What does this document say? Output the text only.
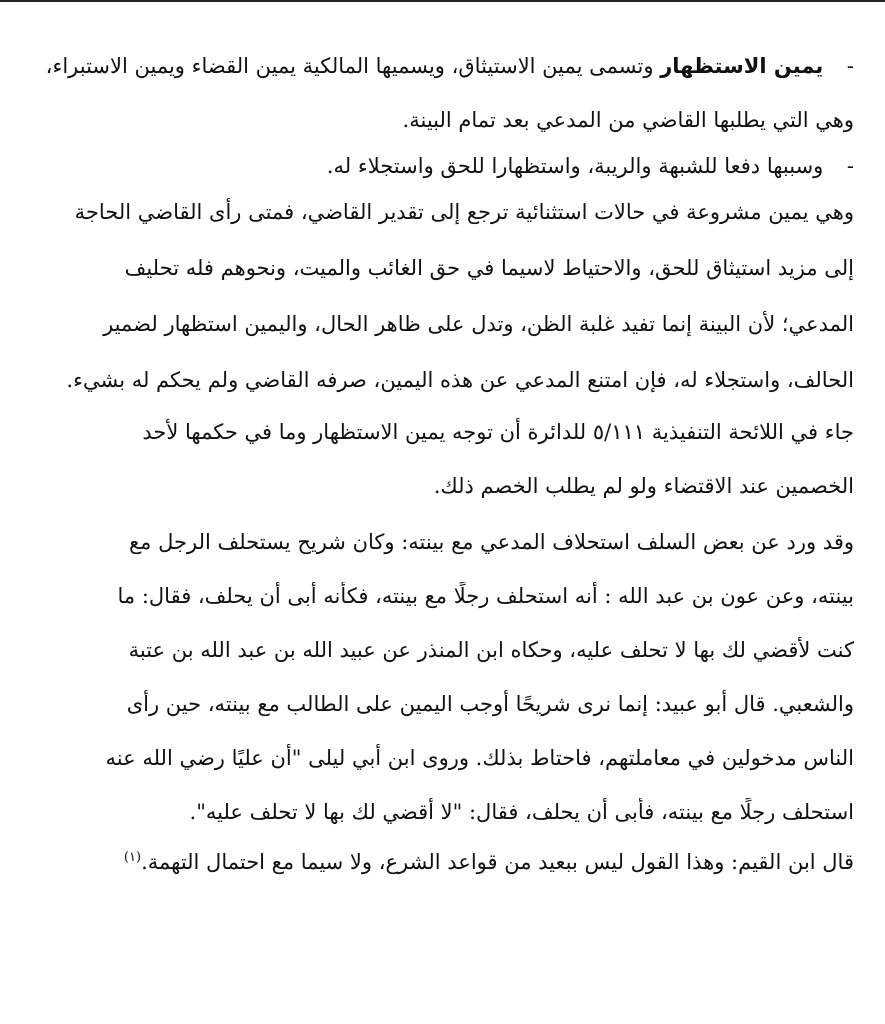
- يمين الاستظهار وتسمى يمين الاستيثاق، ويسميها المالكية يمين القضاء ويمين الاستبراء،
وهي التي يطلبها القاضي من المدعي بعد تمام البينة.
- وسببها دفعا للشبهة والريبة، واستظهارا للحق واستجلاء له.
وهي يمين مشروعة في حالات استثنائية ترجع إلى تقدير القاضي، فمتى رأى القاضي الحاجة
إلى مزيد استيثاق للحق، والاحتياط لاسيما في حق الغائب والميت، ونحوهم فله تحليف
المدعي؛ لأن البينة إنما تفيد غلبة الظن، وتدل على ظاهر الحال، واليمين استظهار لضمير
الحالف، واستجلاء له، فإن امتنع المدعي عن هذه اليمين، صرفه القاضي ولم يحكم له بشيء.
جاء في اللائحة التنفيذية ٥/١١١ للدائرة أن توجه يمين الاستظهار وما في حكمها لأحد
الخصمين عند الاقتضاء ولو لم يطلب الخصم ذلك.
وقد ورد عن بعض السلف استحلاف المدعي مع بينته: وكان شريح يستحلف الرجل مع
بينته، وعن عون بن عبد الله : أنه استحلف رجلًا مع بينته، فكأنه أبى أن يحلف، فقال: ما
كنت لأقضي لك بها لا تحلف عليه، وحكاه ابن المنذر عن عبيد الله بن عبد الله بن عتبة
والشعبي. قال أبو عبيد: إنما نرى شريحًا أوجب اليمين على الطالب مع بينته، حين رأى
الناس مدخولين في معاملتهم، فاحتاط بذلك. وروى ابن أبي ليلى "أن عليًا رضي الله عنه
استحلف رجلًا مع بينته، فأبى أن يحلف، فقال: "لا أقضي لك بها لا تحلف عليه".
قال ابن القيم: وهذا القول ليس ببعيد من قواعد الشرع، ولا سيما مع احتمال التهمة.$^{(١)}$
